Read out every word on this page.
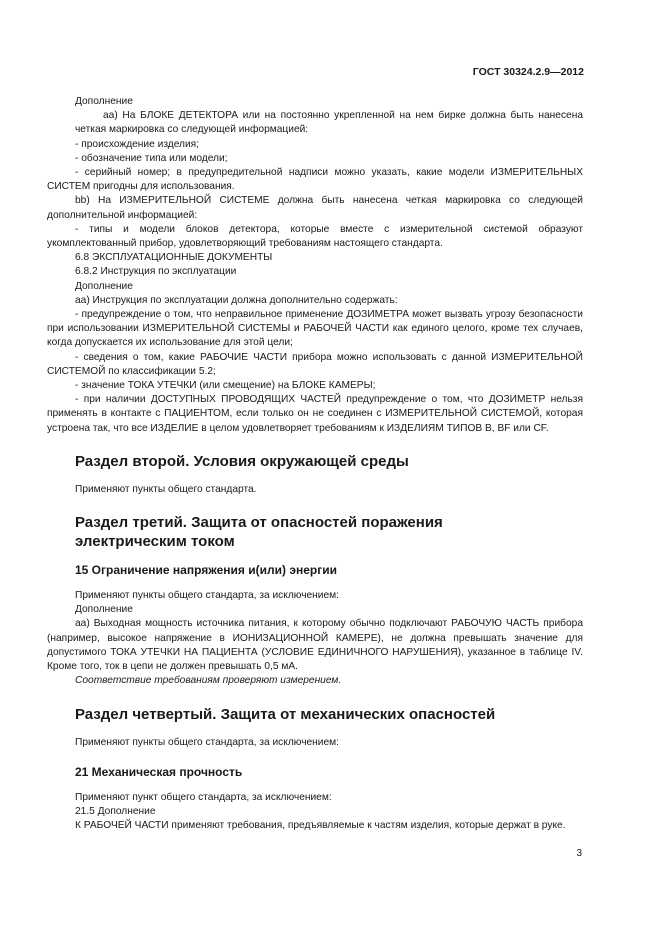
ГОСТ 30324.2.9—2012

Дополнение

аа) На БЛОКЕ ДЕТЕКТОРА или на постоянно укрепленной на нем бирке должна быть нанесена четкая маркировка со следующей информацией:

- происхождение изделия;

- обозначение типа или модели;

- серийный номер; в предупредительной надписи можно указать, какие модели ИЗМЕРИТЕЛЬНЫХ СИСТЕМ пригодны для использования.

bb) На ИЗМЕРИТЕЛЬНОЙ СИСТЕМЕ должна быть нанесена четкая маркировка со следующей дополнительной информацией:

- типы и модели блоков детектора, которые вместе с измерительной системой образуют укомплектованный прибор, удовлетворяющий требованиям настоящего стандарта.

6.8 ЭКСПЛУАТАЦИОННЫЕ ДОКУМЕНТЫ

6.8.2 Инструкция по эксплуатации

Дополнение

аа) Инструкция по эксплуатации должна дополнительно содержать:

- предупреждение о том, что неправильное применение ДОЗИМЕТРА может вызвать угрозу безопасности при использовании ИЗМЕРИТЕЛЬНОЙ СИСТЕМЫ и РАБОЧЕЙ ЧАСТИ как единого целого, кроме тех случаев, когда допускается их использование для этой цели;

- сведения о том, какие РАБОЧИЕ ЧАСТИ прибора можно использовать с данной ИЗМЕРИТЕЛЬНОЙ СИСТЕМОЙ по классификации 5.2;

- значение ТОКА УТЕЧКИ (или смещение) на БЛОКЕ КАМЕРЫ;

- при наличии ДОСТУПНЫХ ПРОВОДЯЩИХ ЧАСТЕЙ предупреждение о том, что ДОЗИМЕТР нельзя применять в контакте с ПАЦИЕНТОМ, если только он не соединен с ИЗМЕРИТЕЛЬНОЙ СИСТЕМОЙ, которая устроена так, что все ИЗДЕЛИЕ в целом удовлетворяет требованиям к ИЗДЕЛИЯМ ТИПОВ В, BF или CF.

Раздел второй. Условия окружающей среды

Применяют пункты общего стандарта.

Раздел третий. Защита от опасностей поражения электрическим током

15 Ограничение напряжения и(или) энергии

Применяют пункты общего стандарта, за исключением:

Дополнение

аа) Выходная мощность источника питания, к которому обычно подключают РАБОЧУЮ ЧАСТЬ прибора (например, высокое напряжение в ИОНИЗАЦИОННОЙ КАМЕРЕ), не должна превышать значение для допустимого ТОКА УТЕЧКИ НА ПАЦИЕНТА (УСЛОВИЕ ЕДИНИЧНОГО НАРУШЕНИЯ), указанное в таблице IV. Кроме того, ток в цепи не должен превышать 0,5 мА.

Соответствие требованиям проверяют измерением.

Раздел четвертый. Защита от механических опасностей

Применяют пункты общего стандарта, за исключением:

21 Механическая прочность

Применяют пункт общего стандарта, за исключением:

21.5 Дополнение

К РАБОЧЕЙ ЧАСТИ применяют требования, предъявляемые к частям изделия, которые держат в руке.

3
